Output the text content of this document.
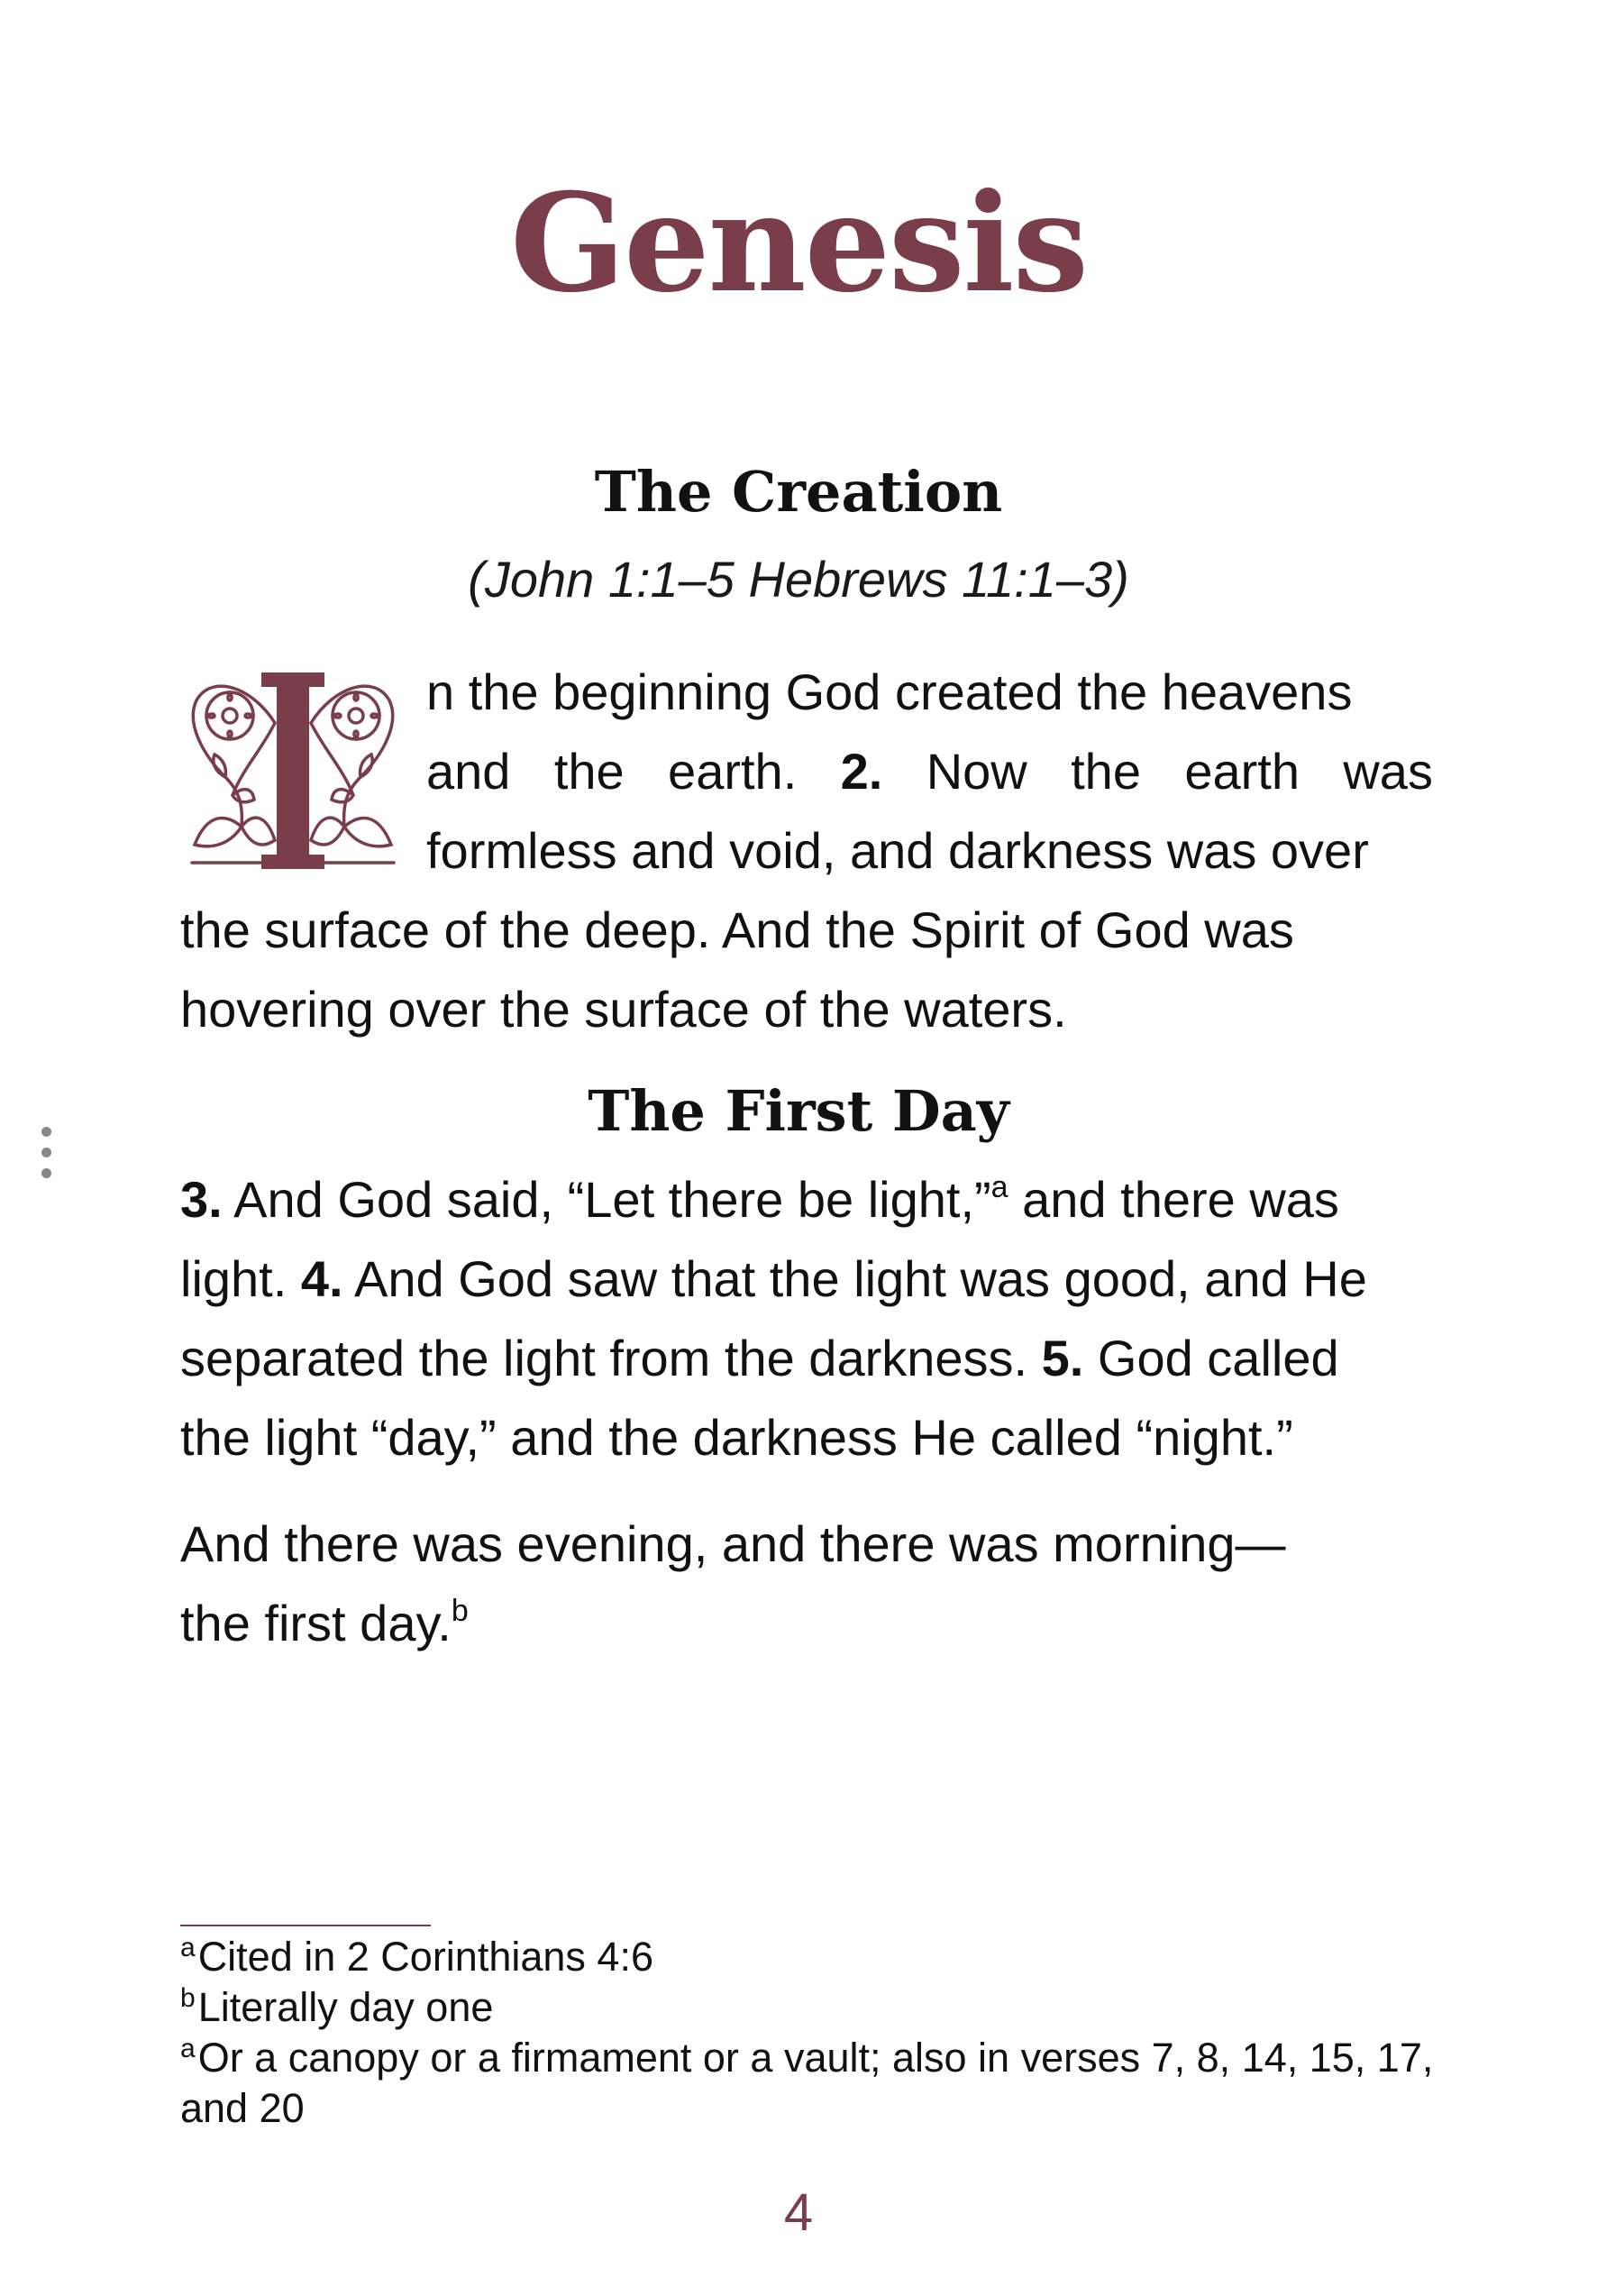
Genesis
The Creation
(John 1:1–5 Hebrews 11:1–3)
n the beginning God created the heavens
and the earth. 2. Now the earth was
formless and void, and darkness was over
the surface of the deep. And the Spirit of God was
hovering over the surface of the waters.
The First Day
3. And God said, “Let there be light,”$^a$ and there was
light. 4. And God saw that the light was good, and He
separated the light from the darkness. 5. God called
the light “day,” and the darkness He called “night.”
And there was evening, and there was morning—
the first day.$^b$
$^a$Cited in 2 Corinthians 4:6
$^b$Literally day one
$^a$Or a canopy or a firmament or a vault; also in verses 7, 8, 14, 15, 17,
and 20
4
